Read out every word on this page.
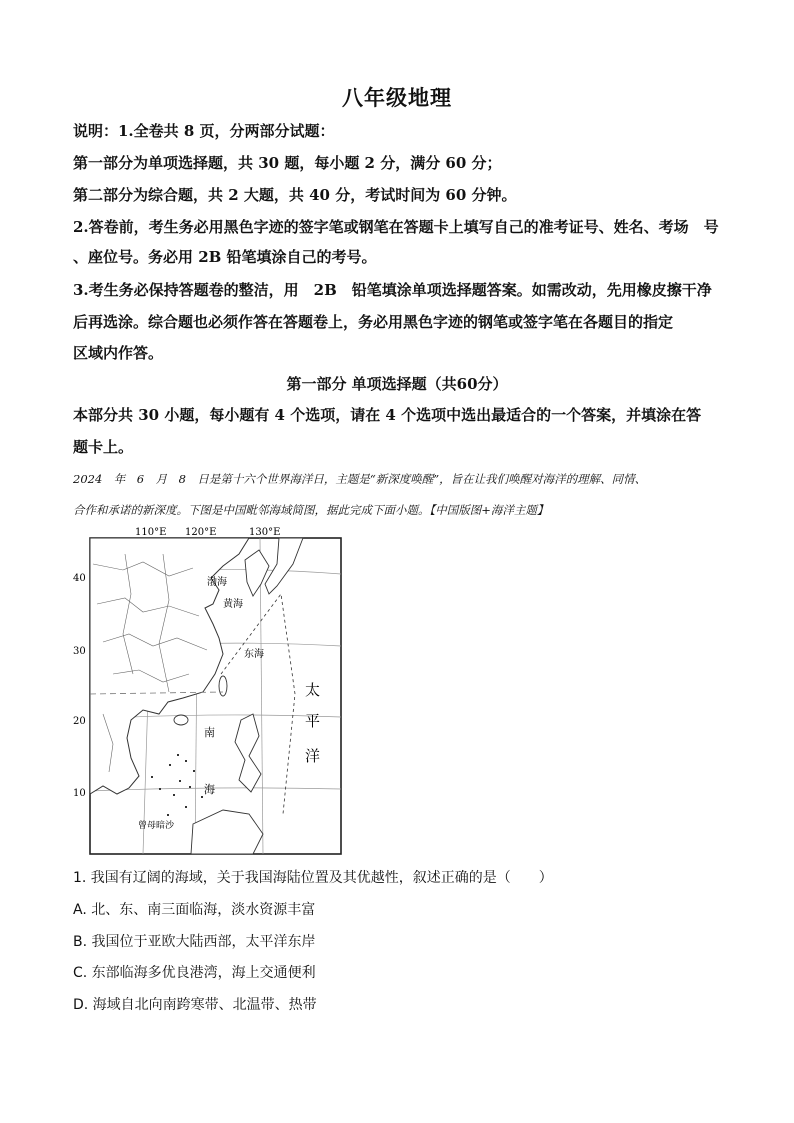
八年级地理
说明：1.全卷共 8 页，分两部分试题：
第一部分为单项选择题，共 30 题，每小题 2 分，满分 60 分；
第二部分为综合题，共 2 大题，共 40 分，考试时间为 60 分钟。
2.答卷前，考生务必用黑色字迹的签字笔或钢笔在答题卡上填写自己的准考证号、姓名、考场　号
、座位号。务必用 2B 铅笔填涂自己的考号。
3.考生务必保持答题卷的整洁，用　2B　铅笔填涂单项选择题答案。如需改动，先用橡皮擦干净
后再选涂。综合题也必须作答在答题卷上，务必用黑色字迹的钢笔或签字笔在各题目的指定
区域内作答。
第一部分 单项选择题（共60分）
本部分共 30 小题，每小题有 4 个选项，请在 4 个选项中选出最适合的一个答案，并填涂在答
题卡上。
2024　年　6　月　8　日是第十六个世界海洋日，主题是“新深度唤醒”，旨在让我们唤醒对海洋的理解、同情、
合作和承诺的新深度。下图是中国毗邻海域简图，据此完成下面小题。【中国版图+海洋主题】
110°E 120°E	130°E
40
30
20
10
渤海
黄海
东海
南
海
曾母暗沙
太
平
洋
1. 我国有辽阔的海域，关于我国海陆位置及其优越性，叙述正确的是（　　）
A. 北、东、南三面临海，淡水资源丰富
B. 我国位于亚欧大陆西部，太平洋东岸
C. 东部临海多优良港湾，海上交通便利
D. 海域自北向南跨寒带、北温带、热带
